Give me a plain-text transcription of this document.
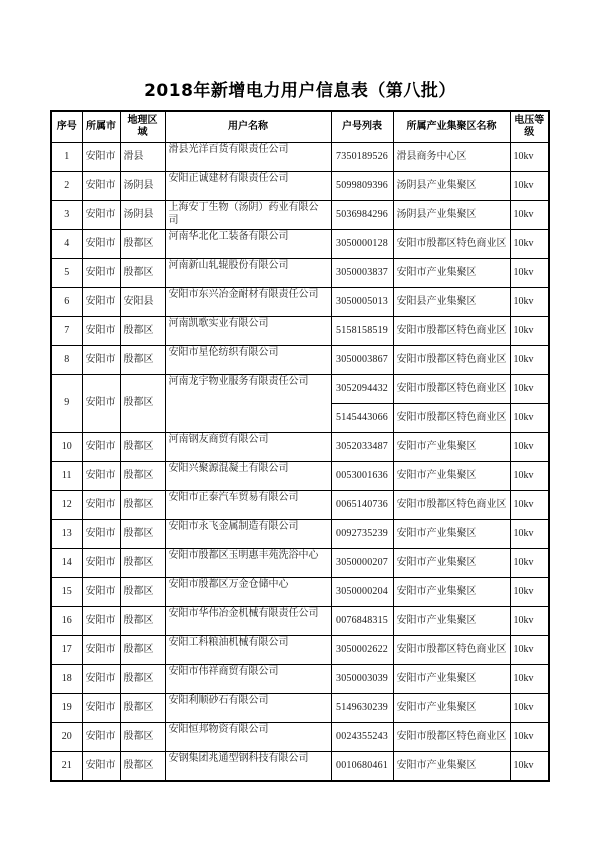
2018年新增电力用户信息表（第八批）
序号	所属市	地理区域	用户名称	户号列表	所属产业集聚区名称	电压等级
1	安阳市	滑县	滑县光洋百货有限责任公司	7350189526	滑县商务中心区	10kv
2	安阳市	汤阴县	安阳正诚建材有限责任公司	5099809396	汤阴县产业集聚区	10kv
3	安阳市	汤阴县	上海安丁生物（汤阴）药业有限公司	5036984296	汤阴县产业集聚区	10kv
4	安阳市	殷都区	河南华北化工装备有限公司	3050000128	安阳市殷都区特色商业区	10kv
5	安阳市	殷都区	河南新山轧辊股份有限公司	3050003837	安阳市产业集聚区	10kv
6	安阳市	安阳县	安阳市东兴冶金耐材有限责任公司	3050005013	安阳县产业集聚区	10kv
7	安阳市	殷都区	河南凯歌实业有限公司	5158158519	安阳市殷都区特色商业区	10kv
8	安阳市	殷都区	安阳市星伦纺织有限公司	3050003867	安阳市殷都区特色商业区	10kv
9	安阳市	殷都区	河南龙宇物业服务有限责任公司	3052094432	安阳市殷都区特色商业区	10kv
				5145443066	安阳市殷都区特色商业区	10kv
10	安阳市	殷都区	河南钢友商贸有限公司	3052033487	安阳市产业集聚区	10kv
11	安阳市	殷都区	安阳兴聚源混凝土有限公司	0053001636	安阳市产业集聚区	10kv
12	安阳市	殷都区	安阳市正泰汽车贸易有限公司	0065140736	安阳市殷都区特色商业区	10kv
13	安阳市	殷都区	安阳市永飞金属制造有限公司	0092735239	安阳市产业集聚区	10kv
14	安阳市	殷都区	安阳市殷都区玉明惠丰苑洗浴中心	3050000207	安阳市产业集聚区	10kv
15	安阳市	殷都区	安阳市殷都区万金仓储中心	3050000204	安阳市产业集聚区	10kv
16	安阳市	殷都区	安阳市华伟冶金机械有限责任公司	0076848315	安阳市产业集聚区	10kv
17	安阳市	殷都区	安阳工科粮油机械有限公司	3050002622	安阳市殷都区特色商业区	10kv
18	安阳市	殷都区	安阳市伟祥商贸有限公司	3050003039	安阳市产业集聚区	10kv
19	安阳市	殷都区	安阳利顺砂石有限公司	5149630239	安阳市产业集聚区	10kv
20	安阳市	殷都区	安阳恒邦物资有限公司	0024355243	安阳市殷都区特色商业区	10kv
21	安阳市	殷都区	安钢集团兆通型钢科技有限公司	0010680461	安阳市产业集聚区	10kv
